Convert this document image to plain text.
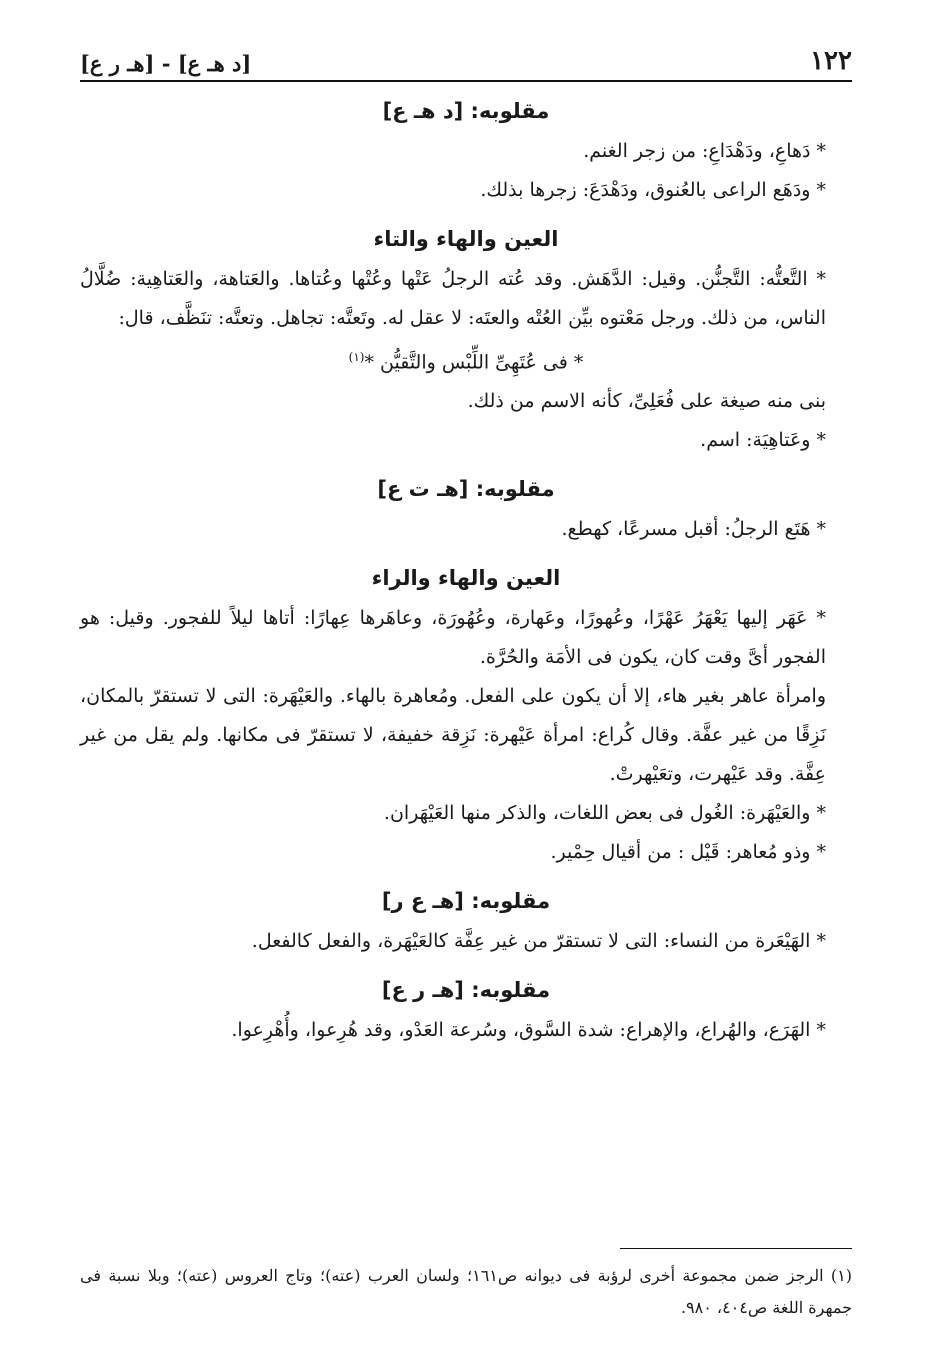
١٢٢
[د هـ ع] - [هـ ر ع]
مقلوبه: [د هـ ع]

* دَهاعِ، ودَهْدَاعِ: من زجر الغنم.

* ودَهَع الراعى بالعُنوق، ودَهْدَعَ: زجرها بذلك.

العين والهاء والتاء

* التَّعتُّه: التَّجنُّن. وقيل: الدَّهَش. وقد عُته الرجلُ عَتْها وعُتْها وعُتاها. والعَتاهة، والعَتاهِية: ضُلَّالُ الناس، من ذلك. ورجل مَعْتوه بيِّن العُتْه والعتَه: لا عقل له. وتَعتَّه: تجاهل. وتعتَّه: تنَظَّف، قال:

* فى عُتَهِىِّ اللِّبْس والتَّقيُّن *$^{(١)}$

بنى منه صيغة على فُعَلِىِّ، كأنه الاسم من ذلك.

* وعَتاهِيَة: اسم.

مقلوبه: [هـ ت ع]

* هَتَع الرجلُ: أقبل مسرعًا، كهطع.

العين والهاء والراء

* عَهَر إليها يَعْهَرُ عَهْرًا، وعُهورًا، وعَهارة، وعُهُورَة، وعاهَرها عِهارًا: أتاها ليلاً للفجور. وقيل: هو الفجور أىَّ وقت كان، يكون فى الأمَة والحُرَّة.

وامرأة عاهر بغير هاء، إلا أن يكون على الفعل. ومُعاهرة بالهاء. والعَيْهَرة: التى لا تستقرّ بالمكان، نَزِقًا من غير عفَّة. وقال كُراع: امرأة عَيْهرة: نَزِقة خفيفة، لا تستقرّ فى مكانها. ولم يقل من غير عِفَّة. وقد عَيْهرت، وتعَيْهرتْ.

* والعَيْهَرة: الغُول فى بعض اللغات، والذكر منها العَيْهَران.

* وذو مُعاهر: قَيْل : من أقيال حِمْير.

مقلوبه: [هـ ع ر]

* الهَيْعَرة من النساء: التى لا تستقرّ من غير عِفَّة كالعَيْهَرة، والفعل كالفعل.

مقلوبه: [هـ ر ع]

* الهَرَع، والهُراع، والإهراع: شدة السَّوق، وسُرعة العَدْو، وقد هُرِعوا، وأُهْرِعوا.

(١) الرجز ضمن مجموعة أخرى لرؤبة فى ديوانه ص١٦١؛ ولسان العرب (عته)؛ وتاج العروس (عته)؛ وبلا نسبة فى جمهرة اللغة ص٤٠٤، ٩٨٠.
